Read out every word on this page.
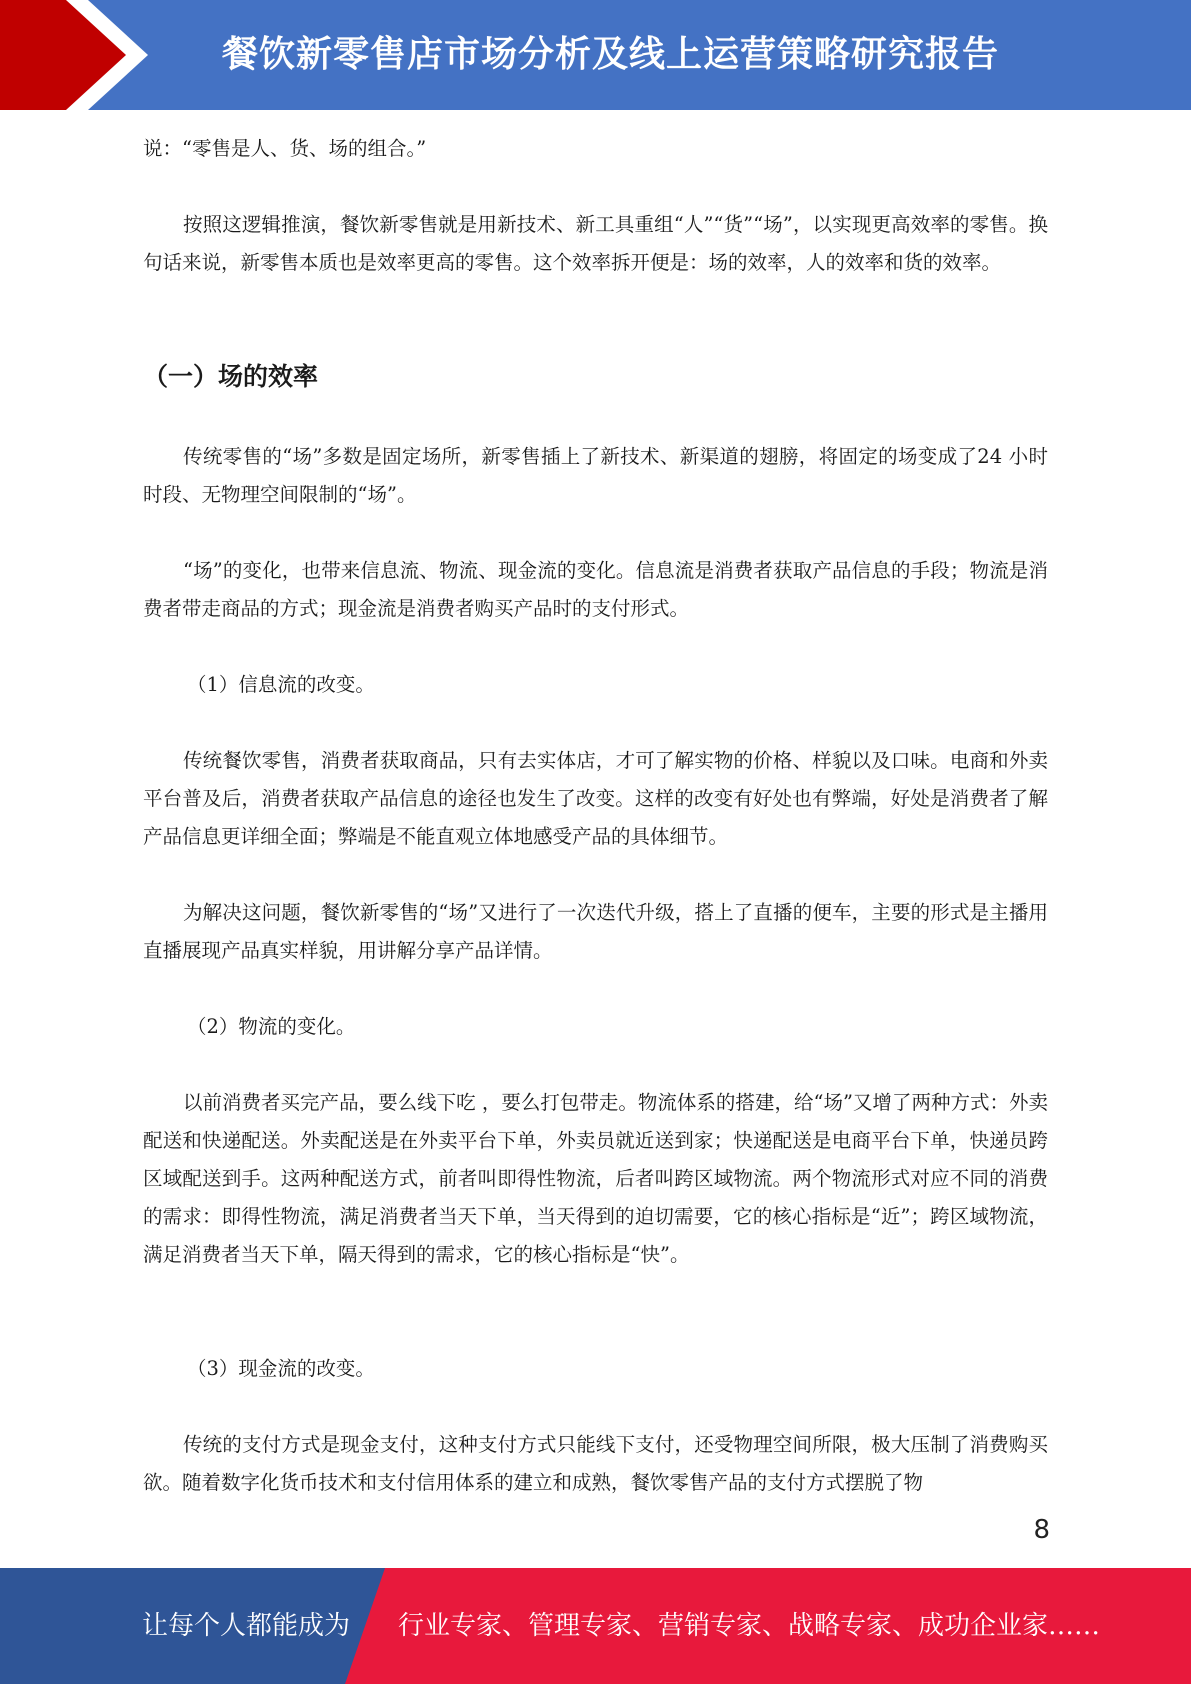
餐饮新零售店市场分析及线上运营策略研究报告
说：“零售是人、货、场的组合。”
按照这逻辑推演，餐饮新零售就是用新技术、新工具重组“人”“货”“场”，以实现更高效率的零售。换句话来说，新零售本质也是效率更高的零售。这个效率拆开便是：场的效率，人的效率和货的效率。
（一）场的效率
传统零售的“场”多数是固定场所，新零售插上了新技术、新渠道的翅膀，将固定的场变成了24 小时时段、无物理空间限制的“场”。
“场”的变化，也带来信息流、物流、现金流的变化。信息流是消费者获取产品信息的手段；物流是消费者带走商品的方式；现金流是消费者购买产品时的支付形式。
（1）信息流的改变。
传统餐饮零售，消费者获取商品，只有去实体店，才可了解实物的价格、样貌以及口味。电商和外卖平台普及后，消费者获取产品信息的途径也发生了改变。这样的改变有好处也有弊端，好处是消费者了解产品信息更详细全面；弊端是不能直观立体地感受产品的具体细节。
为解决这问题，餐饮新零售的“场”又进行了一次迭代升级，搭上了直播的便车，主要的形式是主播用直播展现产品真实样貌，用讲解分享产品详情。
（2）物流的变化。
以前消费者买完产品，要么线下吃 ，要么打包带走。物流体系的搭建，给“场”又增了两种方式：外卖配送和快递配送。外卖配送是在外卖平台下单，外卖员就近送到家；快递配送是电商平台下单，快递员跨区域配送到手。这两种配送方式，前者叫即得性物流，后者叫跨区域物流。两个物流形式对应不同的消费的需求：即得性物流，满足消费者当天下单，当天得到的迫切需要，它的核心指标是“近”；跨区域物流，满足消费者当天下单，隔天得到的需求，它的核心指标是“快”。
（3）现金流的改变。
传统的支付方式是现金支付，这种支付方式只能线下支付，还受物理空间所限，极大压制了消费购买欲。随着数字化货币技术和支付信用体系的建立和成熟，餐饮零售产品的支付方式摆脱了物
8
让每个人都能成为 行业专家、管理专家、营销专家、战略专家、成功企业家……
